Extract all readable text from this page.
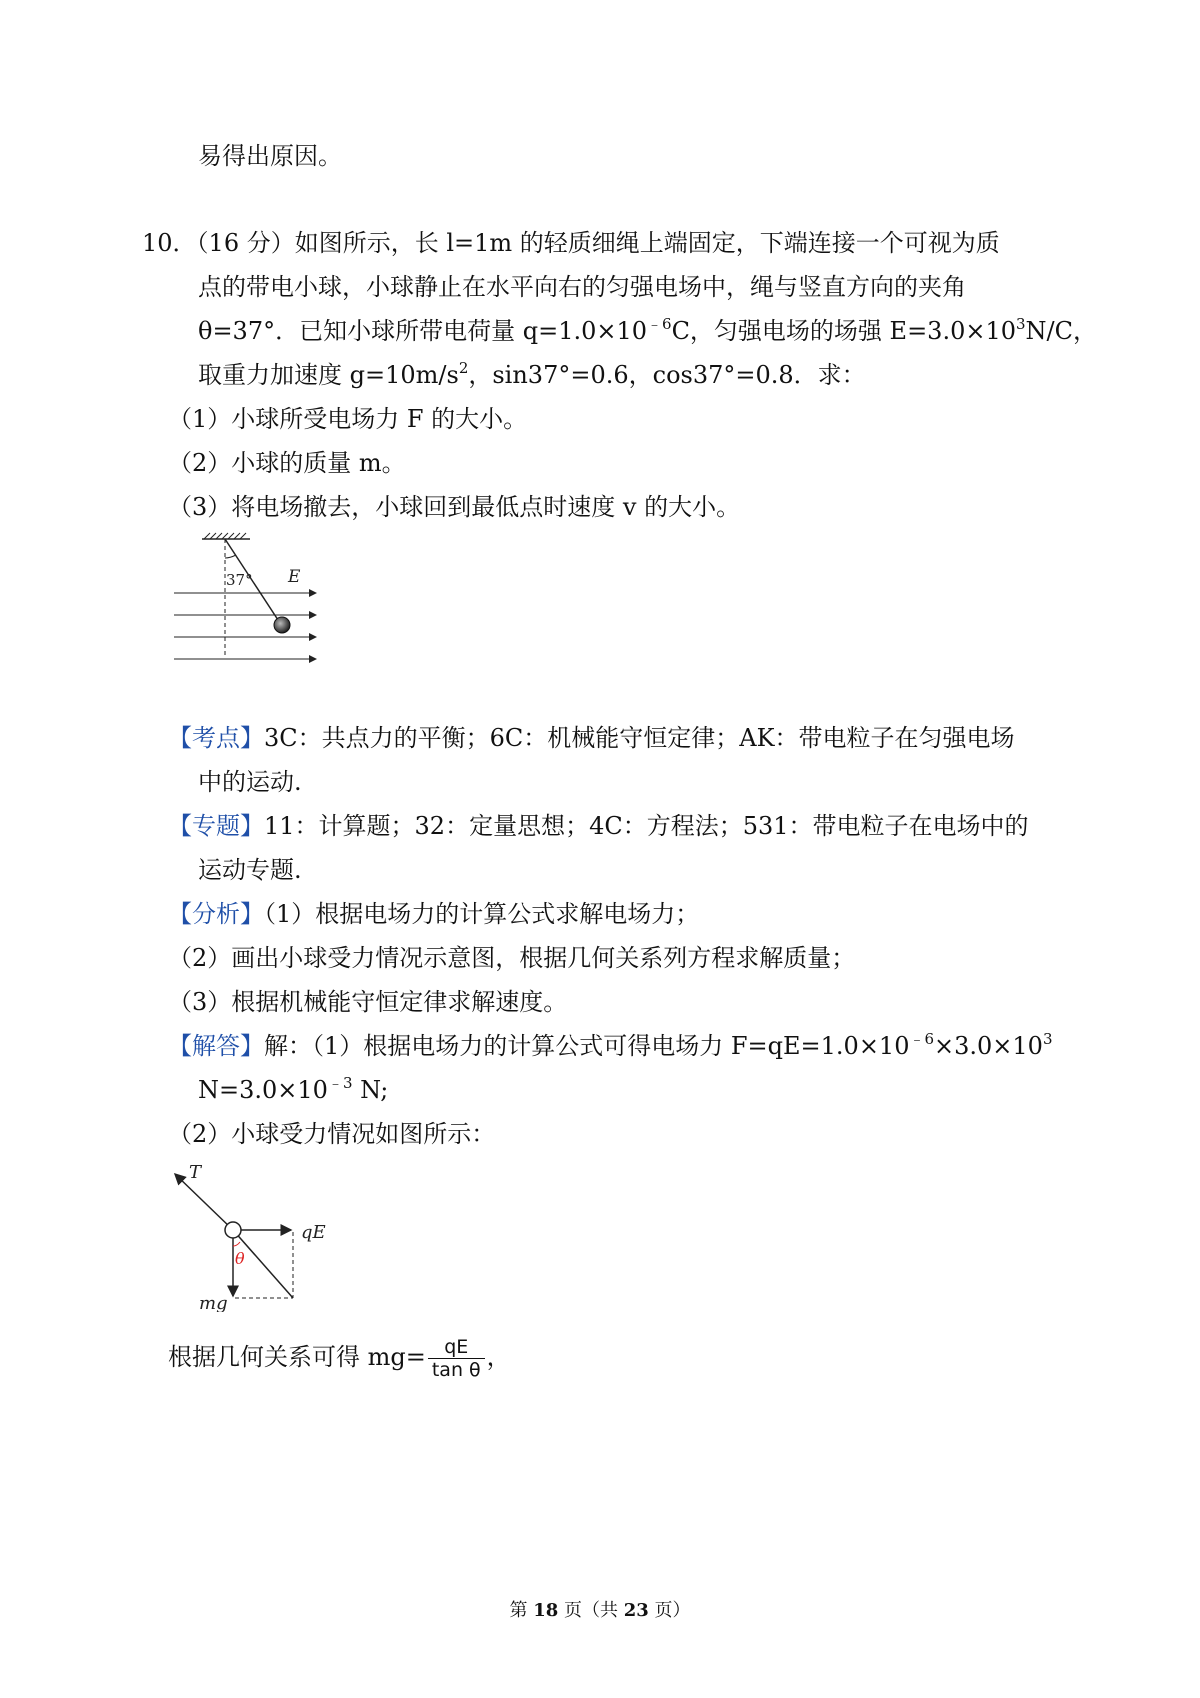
易得出原因。
10．（16 分）如图所示，长 l=1m 的轻质细绳上端固定，下端连接一个可视为质
点的带电小球，小球静止在水平向右的匀强电场中，绳与竖直方向的夹角
θ=37°．已知小球所带电荷量 $q=1.0\times 10^{﹣6}C$，匀强电场的场强 $E=3.0\times 10^3N/C$，
取重力加速度 $g=10m/s^2$，sin37°=0.6，cos37°=0.8．求：
（1）小球所受电场力 F 的大小。
（2）小球的质量 m。
（3）将电场撤去，小球回到最低点时速度 v 的大小。
37° E
【考点】3C：共点力的平衡；6C：机械能守恒定律；AK：带电粒子在匀强电场
中的运动.
【专题】11：计算题；32：定量思想；4C：方程法；531：带电粒子在电场中的
运动专题.
【分析】（1）根据电场力的计算公式求解电场力；
（2）画出小球受力情况示意图，根据几何关系列方程求解质量；
（3）根据机械能守恒定律求解速度。
【解答】解：（1）根据电场力的计算公式可得电场力 $F=qE=1.0\times 10^{﹣6}\times 3.0\times 10^3$
$N=3.0\times 10^{﹣3}$ N;
（2）小球受力情况如图所示：
T
qE
θ
mg
根据几何关系可得 $mg= \frac{qE}{\text{tan θ}}$ ，
第 18 页（共 23 页）
